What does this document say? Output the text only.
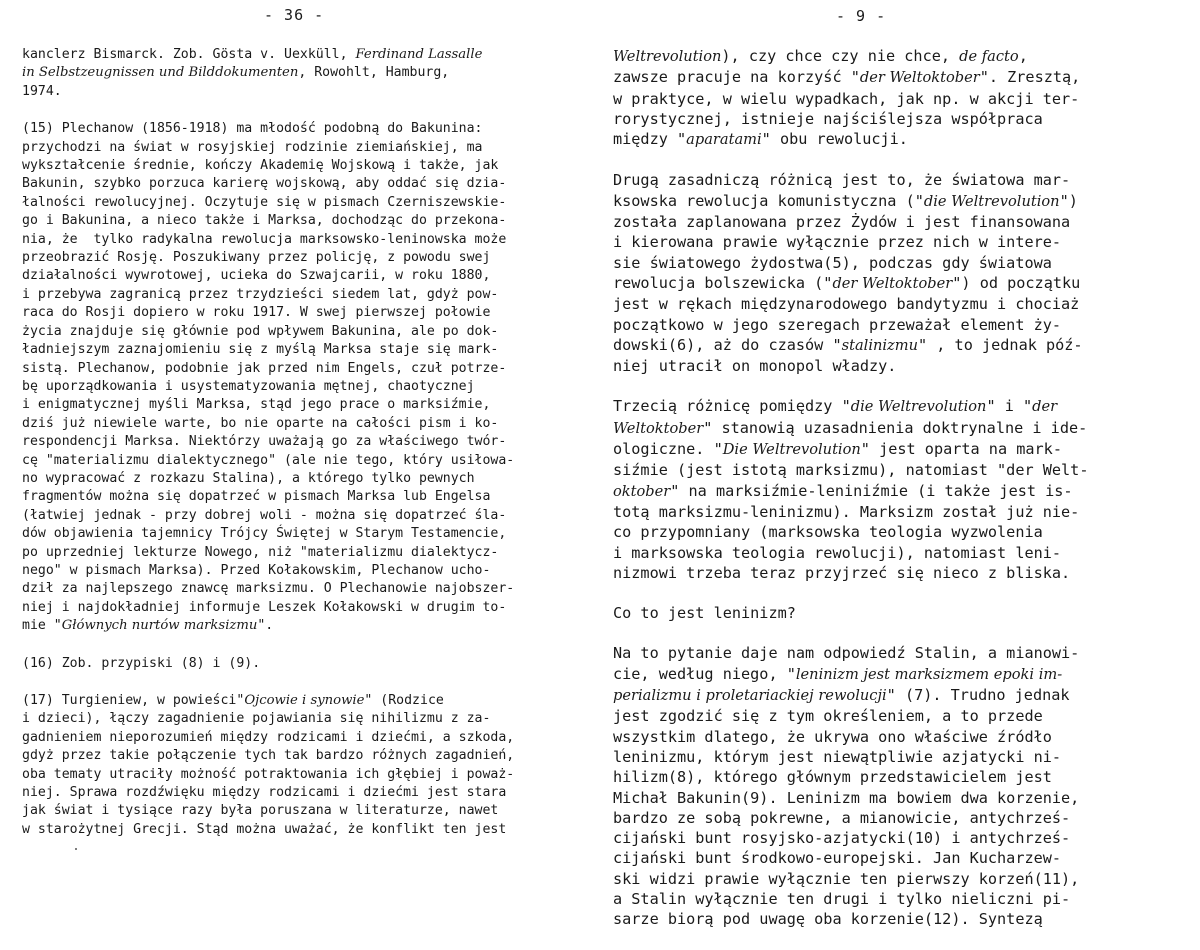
- 36 -

kanclerz Bismarck. Zob. Gösta v. Uexküll, Ferdinand Lassalle
in Selbstzeugnissen und Bilddokumenten, Rowohlt, Hamburg,
1974.

(15) Plechanow (1856-1918) ma młodość podobną do Bakunina:
przychodzi na świat w rosyjskiej rodzinie ziemiańskiej, ma
wykształcenie średnie, kończy Akademię Wojskową i także, jak
Bakunin, szybko porzuca karierę wojskową, aby oddać się dzia-
łalności rewolucyjnej. Oczytuje się w pismach Czerniszewskie-
go i Bakunina, a nieco także i Marksa, dochodząc do przekona-
nia, że  tylko radykalna rewolucja marksowsko-leninowska może
przeobrazić Rosję. Poszukiwany przez policję, z powodu swej
działalności wywrotowej, ucieka do Szwajcarii, w roku 1880,
i przebywa zagranicą przez trzydzieści siedem lat, gdyż pow-
raca do Rosji dopiero w roku 1917. W swej pierwszej połowie
życia znajduje się głównie pod wpływem Bakunina, ale po dok-
ładniejszym zaznajomieniu się z myślą Marksa staje się mark-
sistą. Plechanow, podobnie jak przed nim Engels, czuł potrze-
bę uporządkowania i usystematyzowania mętnej, chaotycznej
i enigmatycznej myśli Marksa, stąd jego prace o marksiźmie,
dziś już niewiele warte, bo nie oparte na całości pism i ko-
respondencji Marksa. Niektórzy uważają go za właściwego twór-
cę "materializmu dialektycznego" (ale nie tego, który usiłowa-
no wypracować z rozkazu Stalina), a którego tylko pewnych
fragmentów można się dopatrzeć w pismach Marksa lub Engelsa
(łatwiej jednak - przy dobrej woli - można się dopatrzeć śla-
dów objawienia tajemnicy Trójcy Świętej w Starym Testamencie,
po uprzedniej lekturze Nowego, niż "materializmu dialektycz-
nego" w pismach Marksa). Przed Kołakowskim, Plechanow ucho-
dził za najlepszego znawcę marksizmu. O Plechanowie najobszer-
niej i najdokładniej informuje Leszek Kołakowski w drugim to-
mie "Głównych nurtów marksizmu".

(16) Zob. przypiski (8) i (9).

(17) Turgieniew, w powieści"Ojcowie i synowie" (Rodzice
i dzieci), łączy zagadnienie pojawiania się nihilizmu z za-
gadnieniem nieporozumień między rodzicami i dziećmi, a szkoda,
gdyż przez takie połączenie tych tak bardzo różnych zagadnień,
oba tematy utraciły możność potraktowania ich głębiej i poważ-
niej. Sprawa rozdźwięku między rodzicami i dziećmi jest stara
jak świat i tysiące razy była poruszana w literaturze, nawet
w starożytnej Grecji. Stąd można uważać, że konflikt ten jest

- 9 -

Weltrevolution), czy chce czy nie chce, de facto,
zawsze pracuje na korzyść "der Weltoktober". Zresztą,
w praktyce, w wielu wypadkach, jak np. w akcji ter-
rorystycznej, istnieje najściślejsza współpraca
między "aparatami" obu rewolucji.

Drugą zasadniczą różnicą jest to, że światowa mar-
ksowska rewolucja komunistyczna ("die Weltrevolution")
została zaplanowana przez Żydów i jest finansowana
i kierowana prawie wyłącznie przez nich w intere-
sie światowego żydostwa(5), podczas gdy światowa
rewolucja bolszewicka ("der Weltoktober") od początku
jest w rękach międzynarodowego bandytyzmu i chociaż
początkowo w jego szeregach przeważał element ży-
dowski(6), aż do czasów "stalinizmu" , to jednak póź-
niej utracił on monopol władzy.

Trzecią różnicę pomiędzy "die Weltrevolution" i "der
Weltoktober" stanowią uzasadnienia doktrynalne i ide-
ologiczne. "Die Weltrevolution" jest oparta na mark-
siźmie (jest istotą marksizmu), natomiast "der Welt-
oktober" na marksiźmie-leniniźmie (i także jest is-
totą marksizmu-leninizmu). Marksizm został już nie-
co przypomniany (marksowska teologia wyzwolenia
i marksowska teologia rewolucji), natomiast leni-
nizmowi trzeba teraz przyjrzeć się nieco z bliska.

Co to jest leninizm?

Na to pytanie daje nam odpowiedź Stalin, a mianowi-
cie, według niego, "leninizm jest marksizmem epoki im-
perializmu i proletariackiej rewolucji" (7). Trudno jednak
jest zgodzić się z tym określeniem, a to przede
wszystkim dlatego, że ukrywa ono właściwe źródło
leninizmu, którym jest niewątpliwie azjatycki ni-
hilizm(8), którego głównym przedstawicielem jest
Michał Bakunin(9). Leninizm ma bowiem dwa korzenie,
bardzo ze sobą pokrewne, a mianowicie, antychrześ-
cijański bunt rosyjsko-azjatycki(10) i antychrześ-
cijański bunt środkowo-europejski. Jan Kucharzew-
ski widzi prawie wyłącznie ten pierwszy korzeń(11),
a Stalin wyłącznie ten drugi i tylko nieliczni pi-
sarze biorą pod uwagę oba korzenie(12). Syntezą
